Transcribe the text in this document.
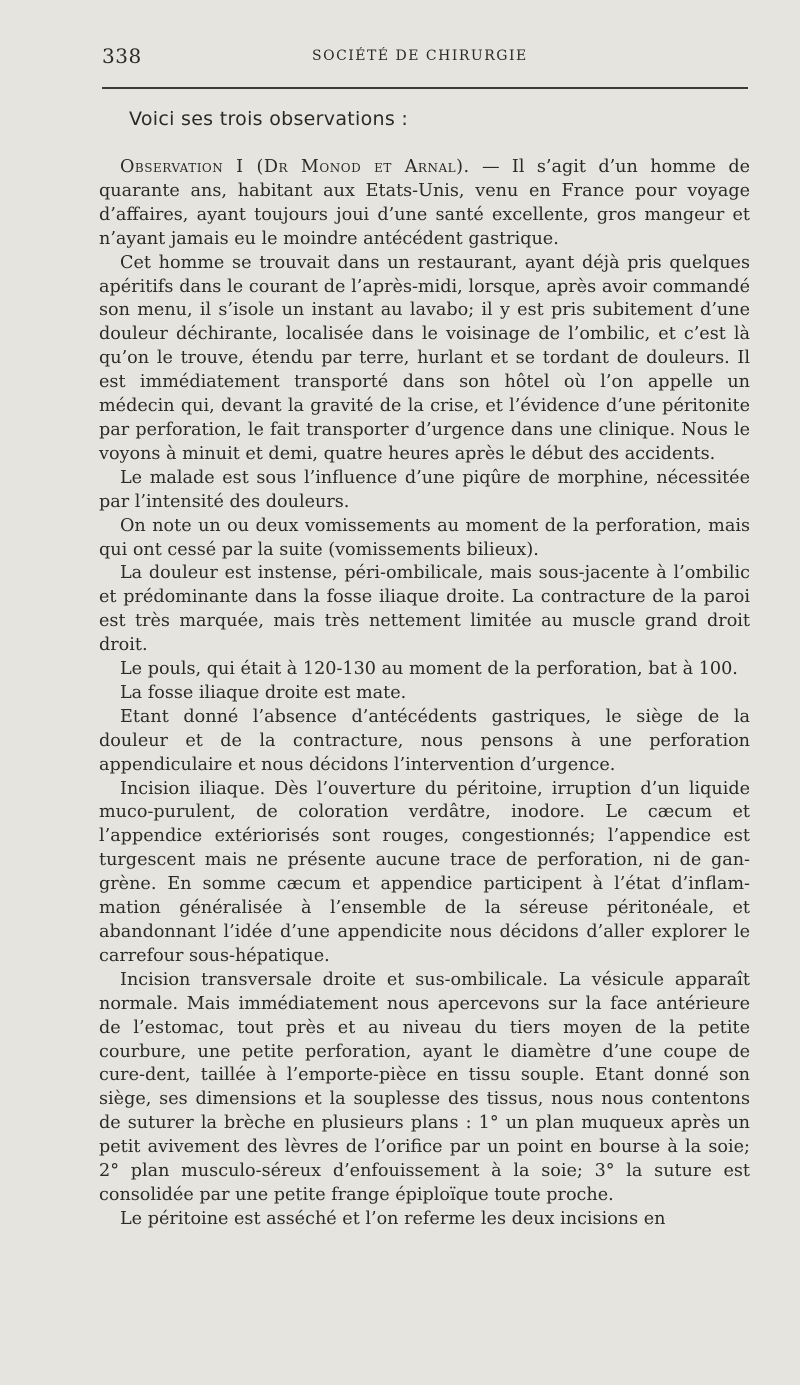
338	SOCIÉTÉ DE CHIRURGIE
Voici ses trois observations :

Observation I (Dr Monod et Arnal). — Il s’agit d’un homme de quarante ans, habitant aux Etats-Unis, venu en France pour voyage d’affaires, ayant toujours joui d’une santé excellente, gros mangeur et n’ayant jamais eu le moindre antécédent gastrique.

Cet homme se trouvait dans un restaurant, ayant déjà pris quelques apéritifs dans le courant de l’après-midi, lorsque, après avoir commandé son menu, il s’isole un instant au lavabo; il y est pris subitement d’une douleur déchirante, localisée dans le voisinage de l’ombilic, et c’est là qu’on le trouve, étendu par terre, hurlant et se tordant de douleurs. Il est immédiatement transporté dans son hôtel où l’on appelle un médecin qui, devant la gravité de la crise, et l’évidence d’une péritonite par perforation, le fait transporter d’urgence dans une clinique. Nous le voyons à minuit et demi, quatre heures après le début des accidents.

Le malade est sous l’influence d’une piqûre de morphine, nécessitée par l’intensité des douleurs.

On note un ou deux vomissements au moment de la perforation, mais qui ont cessé par la suite (vomissements bilieux).

La douleur est instense, péri-ombilicale, mais sous-jacente à l’ombilic et prédominante dans la fosse iliaque droite. La contracture de la paroi est très marquée, mais très nettement limitée au muscle grand droit droit.

Le pouls, qui était à 120-130 au moment de la perforation, bat à 100.

La fosse iliaque droite est mate.

Etant donné l’absence d’antécédents gastriques, le siège de la douleur et de la contracture, nous pensons à une perforation appendiculaire et nous décidons l’intervention d’urgence.

Incision iliaque. Dès l’ouverture du péritoine, irruption d’un liquide muco-purulent, de coloration verdâtre, inodore. Le cæcum et l’appendice extériorisés sont rouges, congestionnés; l’appendice est turgescent mais ne présente aucune trace de perforation, ni de gangrène. En somme cæcum et appendice participent à l’état d’inflammation généralisée à l’ensemble de la séreuse péritonéale, et abandonnant l’idée d’une appendicite nous décidons d’aller explorer le carrefour sous-hépatique.

Incision transversale droite et sus-ombilicale. La vésicule apparaît normale. Mais immédiatement nous apercevons sur la face antérieure de l’estomac, tout près et au niveau du tiers moyen de la petite courbure, une petite perforation, ayant le diamètre d’une coupe de cure-dent, taillée à l’emporte-pièce en tissu souple. Etant donné son siège, ses dimensions et la souplesse des tissus, nous nous contentons de suturer la brèche en plusieurs plans : 1° un plan muqueux après un petit avivement des lèvres de l’orifice par un point en bourse à la soie; 2° plan musculo-séreux d’enfouissement à la soie; 3° la suture est consolidée par une petite frange épiploïque toute proche.

Le péritoine est asséché et l’on referme les deux incisions en
